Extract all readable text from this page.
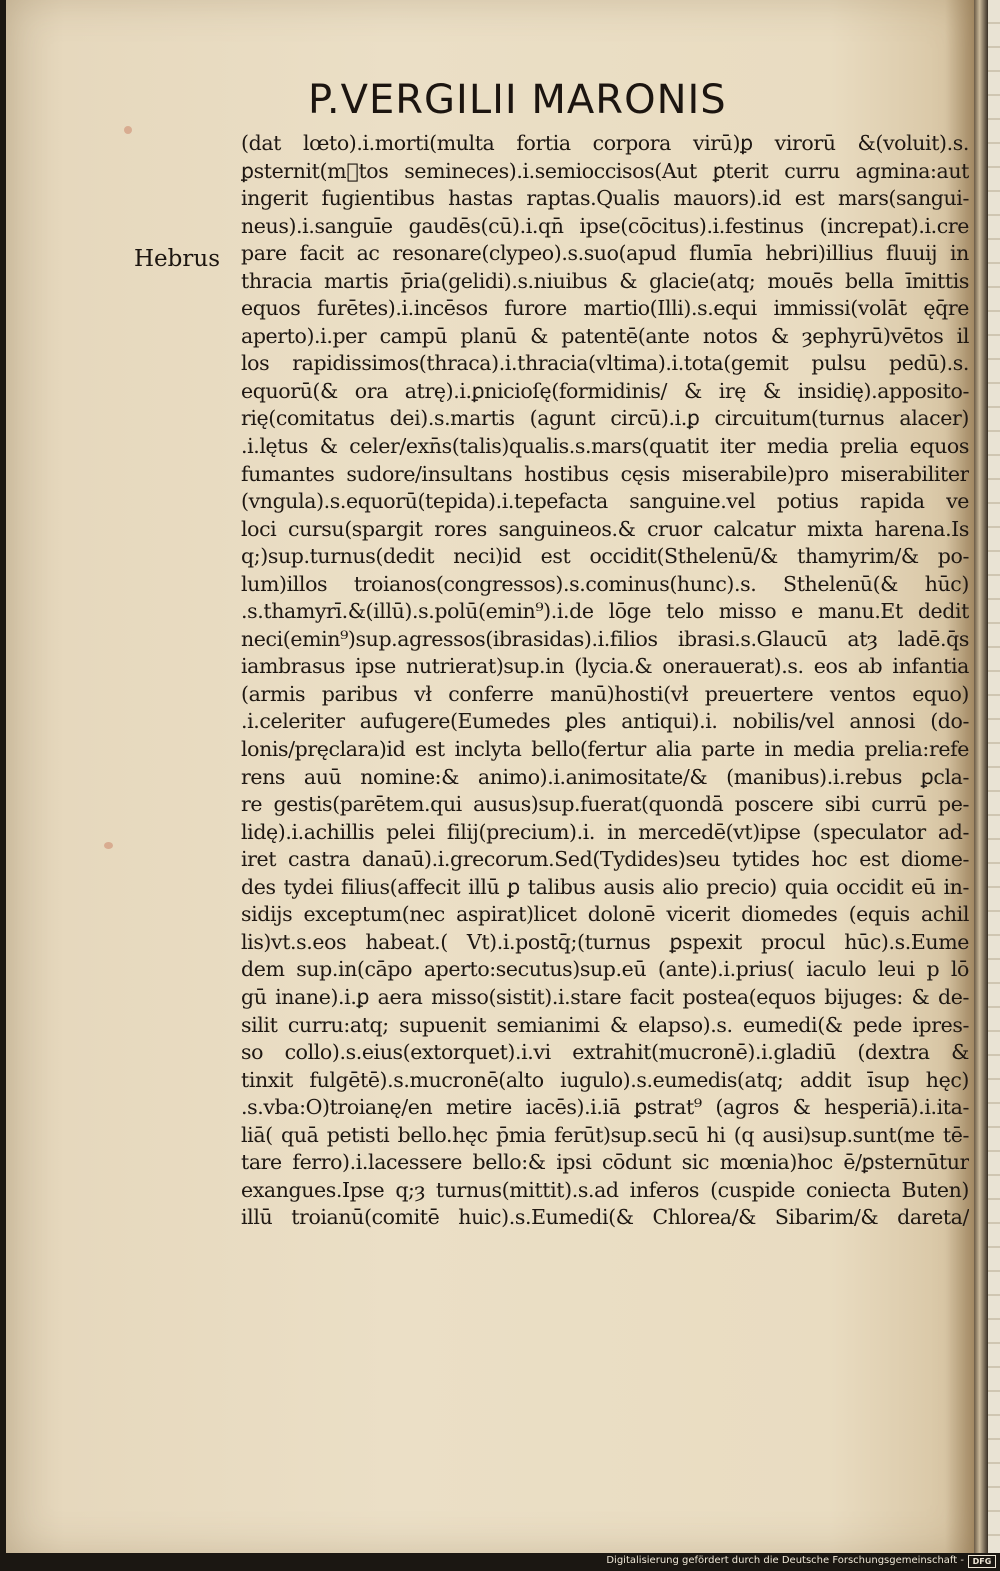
P.VERGILII MARONIS
Hebrus
(dat lœto).i.morti(multa fortia corpora virū)ꝑ virorū &(voluit).s.
ꝑsternit(m᷑tos semineces).i.semioccisos(Aut ꝑterit curru agmina:aut
ingerit fugientibus hastas raptas.Qualis mauors).id est mars(sangui-
neus).i.sanguīe gaudēs(cū).i.qn̄ ipse(cōcitus).i.festinus (increpat).i.cre
pare facit ac resonare(clypeo).s.suo(apud flumīa hebri)illius fluuij in
thracia martis p̄ria(gelidi).s.niuibus & glacie(atq; mouēs bella īmittis
equos furētes).i.incēsos furore martio(Illi).s.equi immissi(volāt ęq̄re
aperto).i.per campū planū & patentē(ante notos & ȝephyrū)vētos il
los rapidissimos(thraca).i.thracia(vltima).i.tota(gemit pulsu pedū).s.
equorū(& ora atrę).i.ꝑnicioſę(formidinis/ & irę & insidię).apposito-
rię(comitatus dei).s.martis (agunt circū).i.ꝑ circuitum(turnus alacer)
.i.lętus & celer/exn̄s(talis)qualis.s.mars(quatit iter media prelia equos
fumantes sudore/insultans hostibus cęsis miserabile)pro miserabiliter
(vngula).s.equorū(tepida).i.tepefacta sanguine.vel potius rapida ve
loci cursu(spargit rores sanguineos.& cruor calcatur mixta harena.Is
q;)sup.turnus(dedit neci)id est occidit(Sthelenū/& thamyrim/& po-
lum)illos troianos(congressos).s.cominus(hunc).s. Sthelenū(& hūc)
.s.thamyrī.&(illū).s.polū(emin⁹).i.de lōge telo misso e manu.Et dedit
neci(emin⁹)sup.agressos(ibrasidas).i.filios ibrasi.s.Glaucū atȝ ladē.q̄s
iambrasus ipse nutrierat)sup.in (lycia.& onerauerat).s. eos ab infantia
(armis paribus vł conferre manū)hosti(vł preuertere ventos equo)
.i.celeriter aufugere(Eumedes ꝑles antiqui).i. nobilis/vel annosi (do-
lonis/pręclara)id est inclyta bello(fertur alia parte in media prelia:refe
rens auū nomine:& animo).i.animositate/& (manibus).i.rebus ꝑcla-
re gestis(parētem.qui ausus)sup.fuerat(quondā poscere sibi currū pe-
lidę).i.achillis pelei filij(precium).i. in mercedē(vt)ipse (speculator ad-
iret castra danaū).i.grecorum.Sed(Tydides)seu tytides hoc est diome-
des tydei filius(affecit illū ꝑ talibus ausis alio precio) quia occidit eū in-
sidijs exceptum(nec aspirat)licet dolonē vicerit diomedes (equis achil
lis)vt.s.eos habeat.( Vt).i.postq̄;(turnus ꝑspexit procul hūc).s.Eume
dem sup.in(cāpo aperto:secutus)sup.eū (ante).i.prius( iaculo leui p lō
gū inane).i.ꝑ aera misso(sistit).i.stare facit postea(equos bijuges: & de-
silit curru:atq; supuenit semianimi & elapso).s. eumedi(& pede ipres-
so collo).s.eius(extorquet).i.vi extrahit(mucronē).i.gladiū (dextra &
tinxit fulgētē).s.mucronē(alto iugulo).s.eumedis(atq; addit īsup hęc)
.s.vba:O)troianę/en metire iacēs).i.iā ꝑstrat⁹ (agros & hesperiā).i.ita-
liā( quā petisti bello.hęc p̄mia ferūt)sup.secū hi (q ausi)sup.sunt(me tē-
tare ferro).i.lacessere bello:& ipsi cōdunt sic mœnia)hoc ē/ꝑsternūtur
exangues.Ipse q;ȝ turnus(mittit).s.ad inferos (cuspide coniecta Buten)
illū troianū(comitē huic).s.Eumedi(& Chlorea/& Sibarim/& dareta/
Digitalisierung gefördert durch die Deutsche Forschungsgemeinschaft -	DFG
